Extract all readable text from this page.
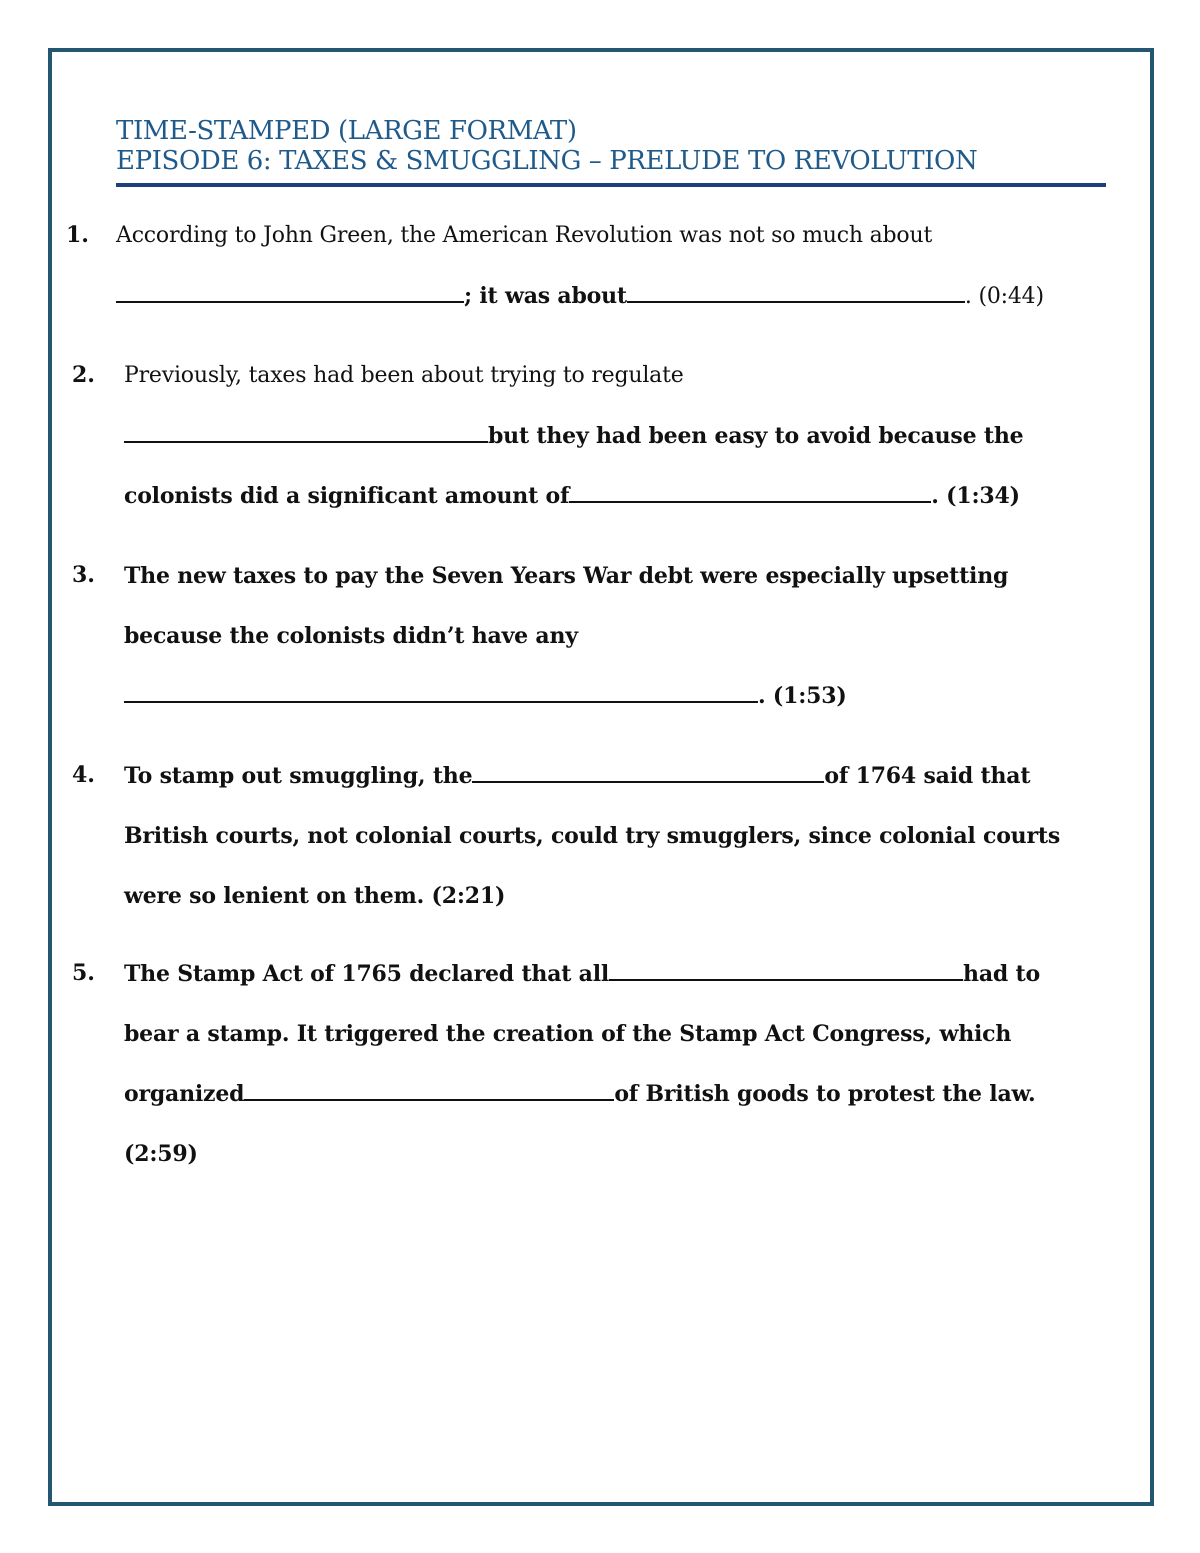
TIME-STAMPED (LARGE FORMAT)
EPISODE 6: TAXES & SMUGGLING – PRELUDE TO REVOLUTION
1. According to John Green, the American Revolution was not so much about
; it was about	. (0:44)
2. Previously, taxes had been about trying to regulate
but they had been easy to avoid because the
colonists did a significant amount of	. (1:34)
3. The new taxes to pay the Seven Years War debt were especially upsetting
because the colonists didn’t have any
. (1:53)
4. To stamp out smuggling, the	of 1764 said that
British courts, not colonial courts, could try smugglers, since colonial courts
were so lenient on them. (2:21)
5. The Stamp Act of 1765 declared that all	had to
bear a stamp. It triggered the creation of the Stamp Act Congress, which
organized	of British goods to protest the law.
(2:59)
